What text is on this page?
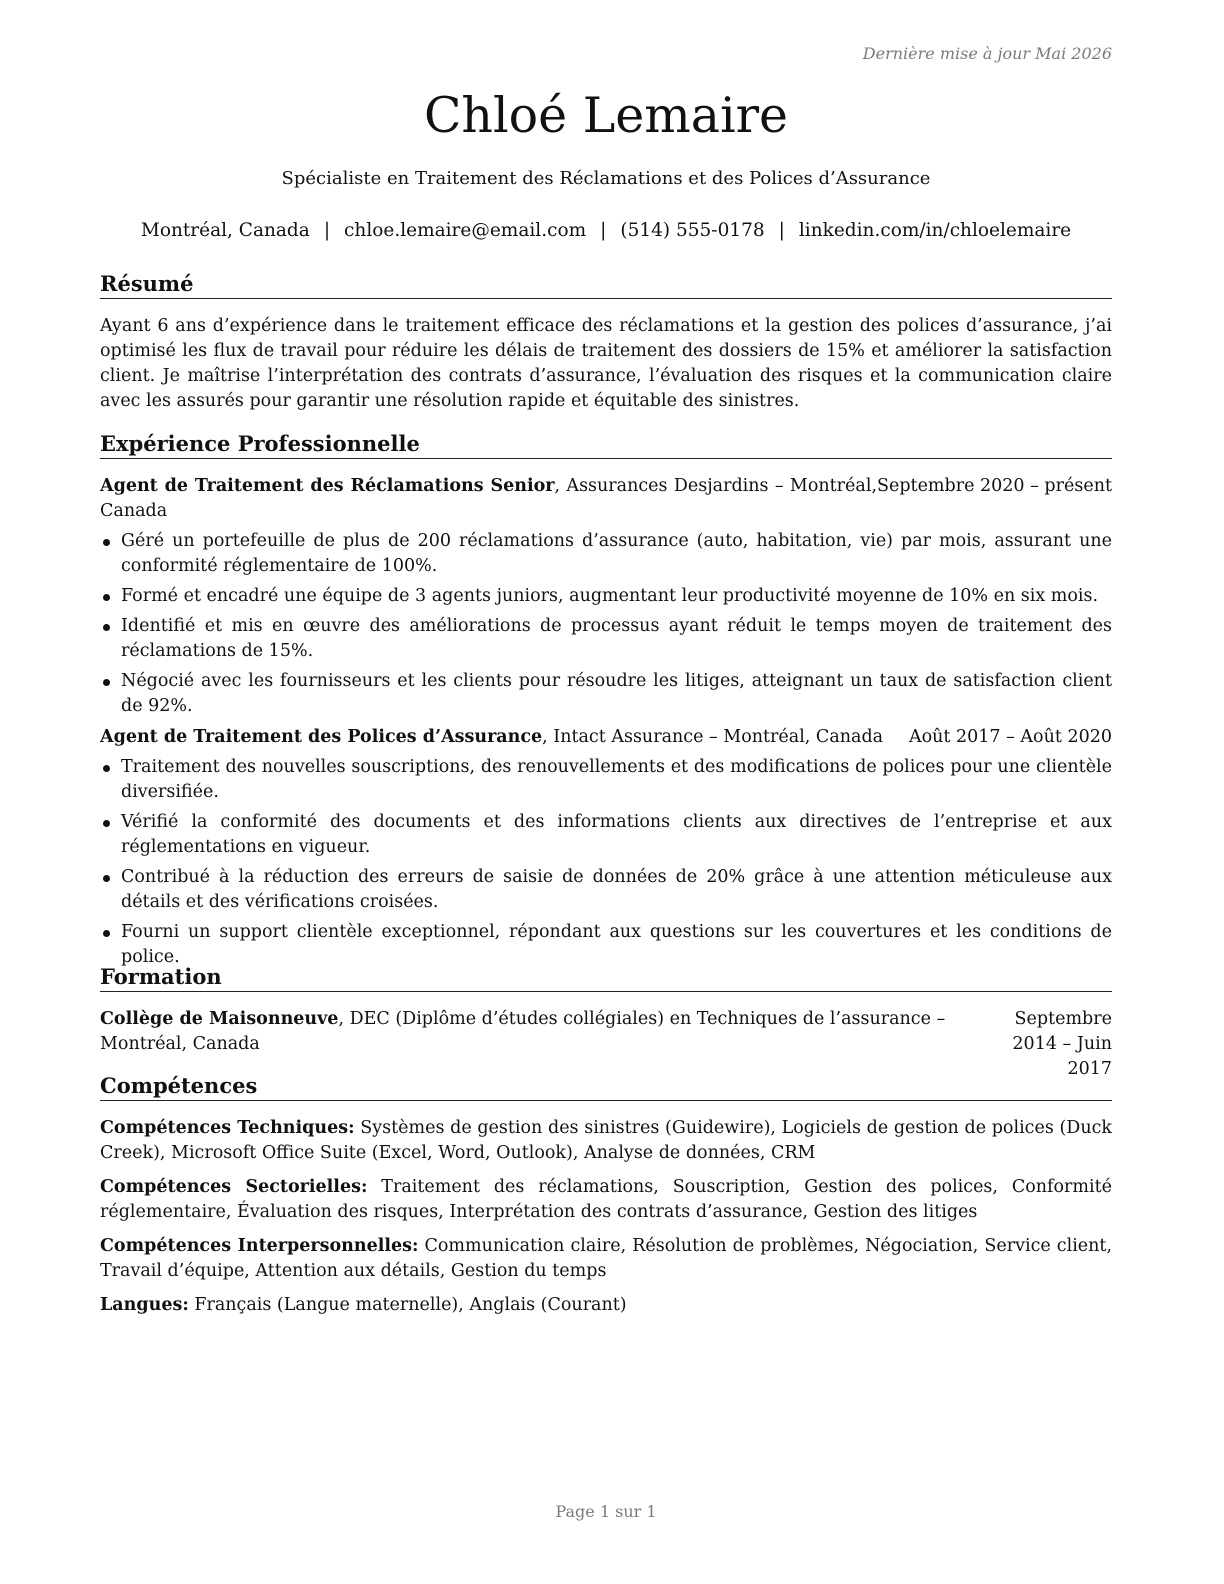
Dernière mise à jour Mai 2026
Chloé Lemaire
Spécialiste en Traitement des Réclamations et des Polices d’Assurance
Montréal, Canada | chloe.lemaire@email.com | (514) 555-0178 | linkedin.com/in/chloelemaire
Résumé
Ayant 6 ans d’expérience dans le traitement efficace des réclamations et la gestion des polices d’assurance, j’ai optimisé les flux de travail pour réduire les délais de traitement des dossiers de 15% et améliorer la satisfaction client. Je maîtrise l’interprétation des contrats d’assurance, l’évaluation des risques et la communication claire avec les assurés pour garantir une résolution rapide et équitable des sinistres.
Expérience Professionnelle
Septembre 2020 – présent
Agent de Traitement des Réclamations Senior, Assurances Desjardins – Montréal, Canada
Géré un portefeuille de plus de 200 réclamations d’assurance (auto, habitation, vie) par mois, assurant une conformité réglementaire de 100%.
Formé et encadré une équipe de 3 agents juniors, augmentant leur productivité moyenne de 10% en six mois.
Identifié et mis en œuvre des améliorations de processus ayant réduit le temps moyen de traitement des réclamations de 15%.
Négocié avec les fournisseurs et les clients pour résoudre les litiges, atteignant un taux de satisfaction client de 92%.
Août 2017 – Août 2020
Agent de Traitement des Polices d’Assurance, Intact Assurance – Montréal, Canada
Traitement des nouvelles souscriptions, des renouvellements et des modifications de polices pour une clientèle diversifiée.
Vérifié la conformité des documents et des informations clients aux directives de l’entreprise et aux réglementations en vigueur.
Contribué à la réduction des erreurs de saisie de données de 20% grâce à une attention méticuleuse aux détails et des vérifications croisées.
Fourni un support clientèle exceptionnel, répondant aux questions sur les couvertures et les conditions de police.
Formation
Collège de Maisonneuve, DEC (Diplôme d’études collégiales) en Techniques de l’assurance – Montréal, Canada
Septembre 2014 – Juin 2017
Compétences
Compétences Techniques: Systèmes de gestion des sinistres (Guidewire), Logiciels de gestion de polices (Duck Creek), Microsoft Office Suite (Excel, Word, Outlook), Analyse de données, CRM
Compétences Sectorielles: Traitement des réclamations, Souscription, Gestion des polices, Conformité réglementaire, Évaluation des risques, Interprétation des contrats d’assurance, Gestion des litiges
Compétences Interpersonnelles: Communication claire, Résolution de problèmes, Négociation, Service client, Travail d’équipe, Attention aux détails, Gestion du temps
Langues: Français (Langue maternelle), Anglais (Courant)
Page 1 sur 1
